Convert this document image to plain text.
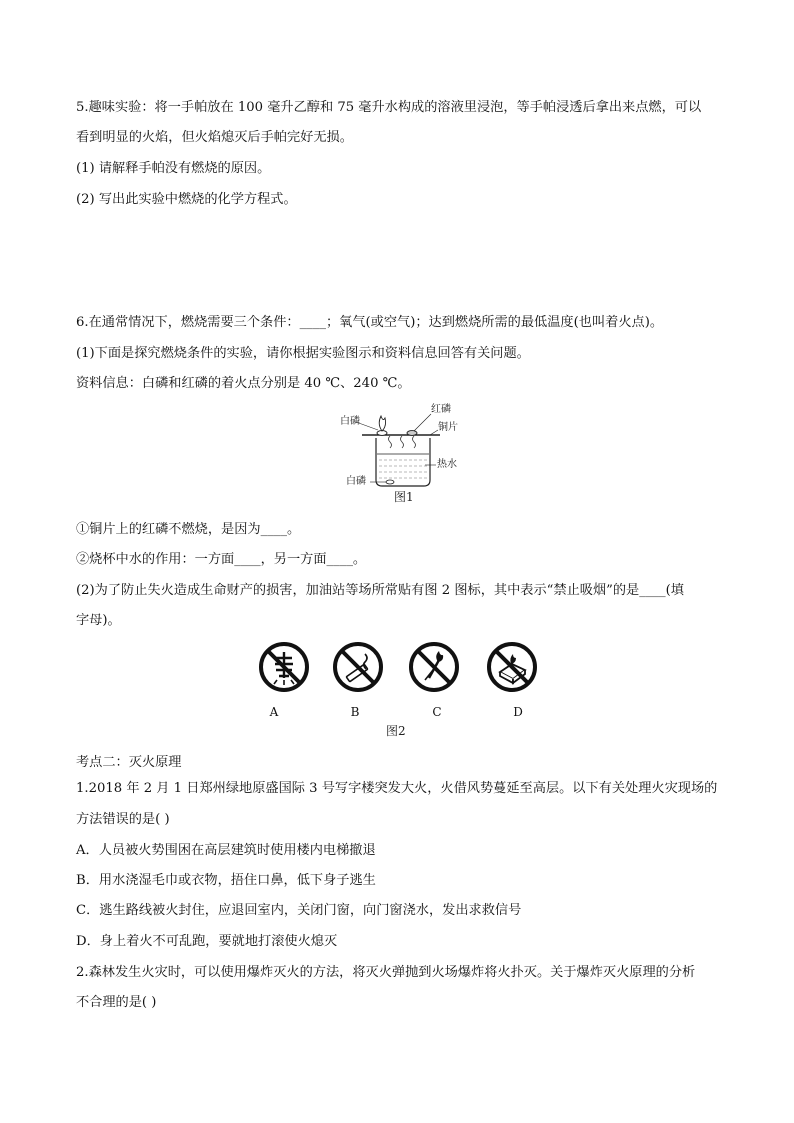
5.趣味实验：将一手帕放在 100 毫升乙醇和 75 毫升水构成的溶液里浸泡，等手帕浸透后拿出来点燃，可以
看到明显的火焰，但火焰熄灭后手帕完好无损。
(1) 请解释手帕没有燃烧的原因。
(2) 写出此实验中燃烧的化学方程式。
6.在通常情况下，燃烧需要三个条件：____；氧气(或空气)；达到燃烧所需的最低温度(也叫着火点)。
(1)下面是探究燃烧条件的实验，请你根据实验图示和资料信息回答有关问题。
资料信息：白磷和红磷的着火点分别是 40 ℃、240 ℃。
白磷
红磷
铜片
热水
白磷
图1
①铜片上的红磷不燃烧，是因为____。
②烧杯中水的作用：一方面____，另一方面____。
(2)为了防止失火造成生命财产的损害，加油站等场所常贴有图 2 图标，其中表示“禁止吸烟”的是____(填
字母)。
A	B	C	D
图2
考点二：灭火原理
1.2018 年 2 月 1 日郑州绿地原盛国际 3 号写字楼突发大火，火借风势蔓延至高层。以下有关处理火灾现场的
方法错误的是( )
A．人员被火势围困在高层建筑时使用楼内电梯撤退
B．用水浇湿毛巾或衣物，捂住口鼻，低下身子逃生
C．逃生路线被火封住，应退回室内，关闭门窗，向门窗浇水，发出求救信号
D．身上着火不可乱跑，要就地打滚使火熄灭
2.森林发生火灾时，可以使用爆炸灭火的方法，将灭火弹抛到火场爆炸将火扑灭。关于爆炸灭火原理的分析
不合理的是( )
